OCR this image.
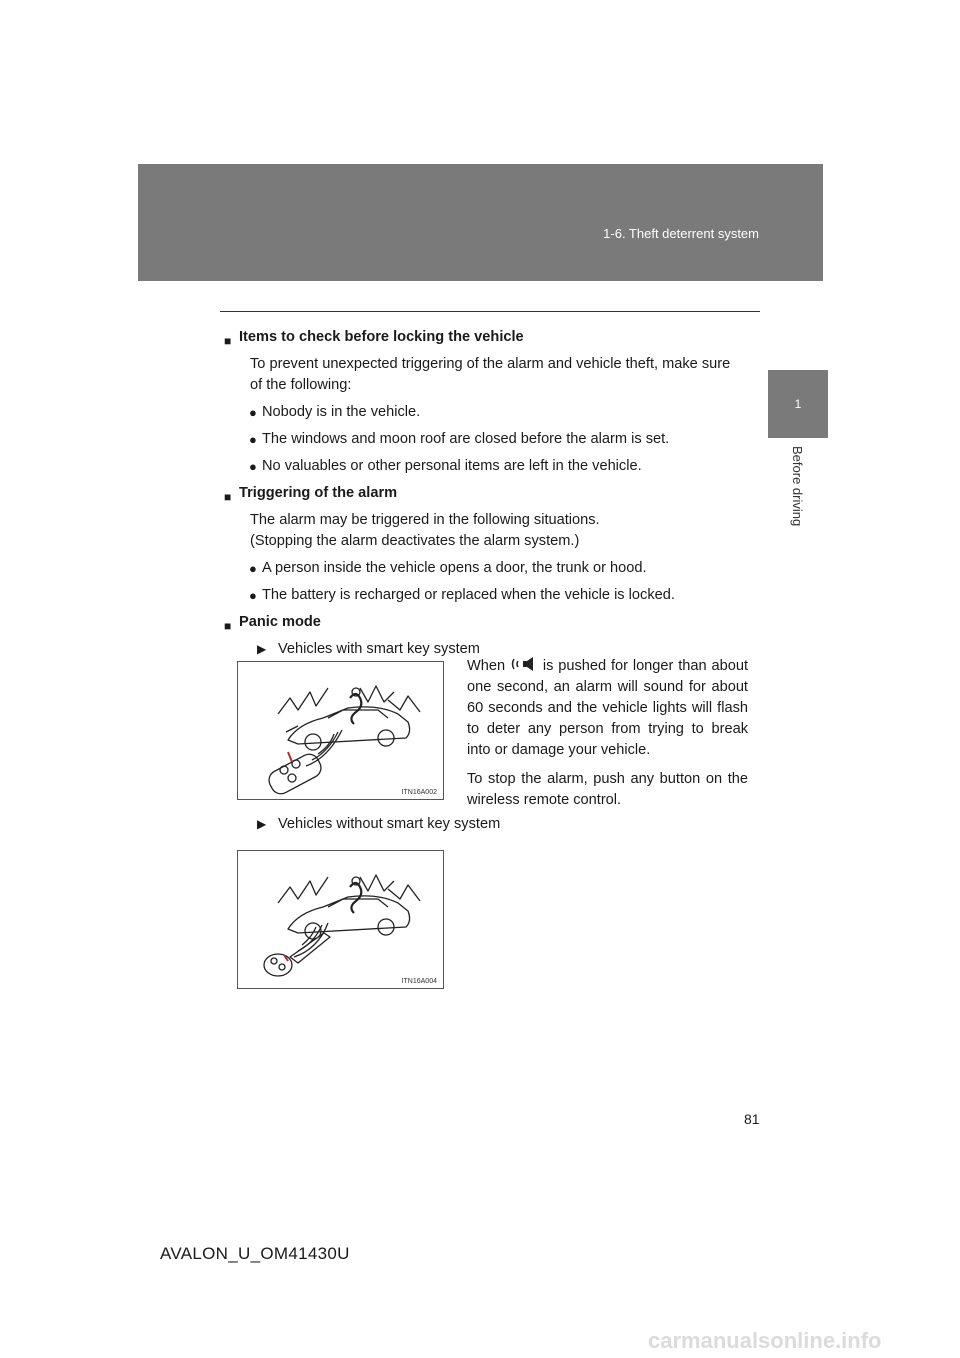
1-6. Theft deterrent system
1
Before driving
■ Items to check before locking the vehicle
To prevent unexpected triggering of the alarm and vehicle theft, make sure
of the following:
● Nobody is in the vehicle.
● The windows and moon roof are closed before the alarm is set.
● No valuables or other personal items are left in the vehicle.
■ Triggering of the alarm
The alarm may be triggered in the following situations.
(Stopping the alarm deactivates the alarm system.)
● A person inside the vehicle opens a door, the trunk or hood.
● The battery is recharged or replaced when the vehicle is locked.
■ Panic mode
▶ Vehicles with smart key system
ITN16A002

When	is pushed for longer than about one second, an alarm will sound for about 60 seconds and the vehicle lights will flash to deter any person from trying to break into or damage your vehicle.

To stop the alarm, push any button on the wireless remote control.

▶ Vehicles without smart key system
ITN16A004
81
AVALON_U_OM41430U
carmanualsonline.info
